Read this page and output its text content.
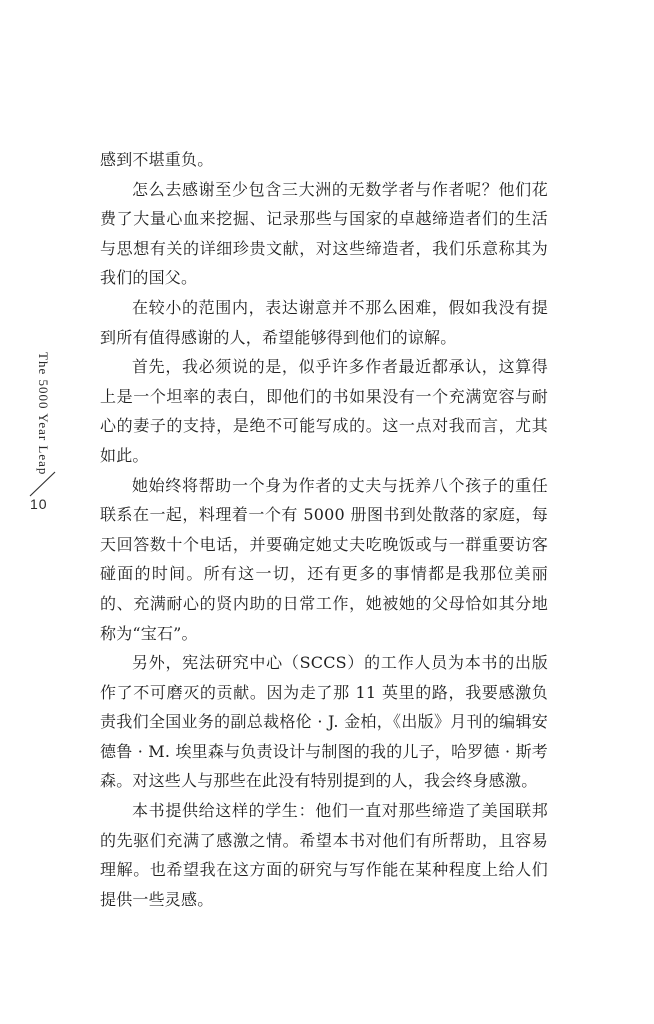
The 5000 Year Leap
10

感到不堪重负。

怎么去感谢至少包含三大洲的无数学者与作者呢？他们花费了大量心血来挖掘、记录那些与国家的卓越缔造者们的生活与思想有关的详细珍贵文献，对这些缔造者，我们乐意称其为我们的国父。

在较小的范围内，表达谢意并不那么困难，假如我没有提到所有值得感谢的人，希望能够得到他们的谅解。

首先，我必须说的是，似乎许多作者最近都承认，这算得上是一个坦率的表白，即他们的书如果没有一个充满宽容与耐心的妻子的支持，是绝不可能写成的。这一点对我而言，尤其如此。

她始终将帮助一个身为作者的丈夫与抚养八个孩子的重任联系在一起，料理着一个有 5000 册图书到处散落的家庭，每天回答数十个电话，并要确定她丈夫吃晚饭或与一群重要访客碰面的时间。所有这一切，还有更多的事情都是我那位美丽的、充满耐心的贤内助的日常工作，她被她的父母恰如其分地称为“宝石”。

另外，宪法研究中心（SCCS）的工作人员为本书的出版作了不可磨灭的贡献。因为走了那 11 英里的路，我要感激负责我们全国业务的副总裁格伦 · J. 金柏，《出版》月刊的编辑安德鲁 · M. 埃里森与负责设计与制图的我的儿子，哈罗德 · 斯考森。对这些人与那些在此没有特别提到的人，我会终身感激。

本书提供给这样的学生：他们一直对那些缔造了美国联邦的先驱们充满了感激之情。希望本书对他们有所帮助，且容易理解。也希望我在这方面的研究与写作能在某种程度上给人们提供一些灵感。
